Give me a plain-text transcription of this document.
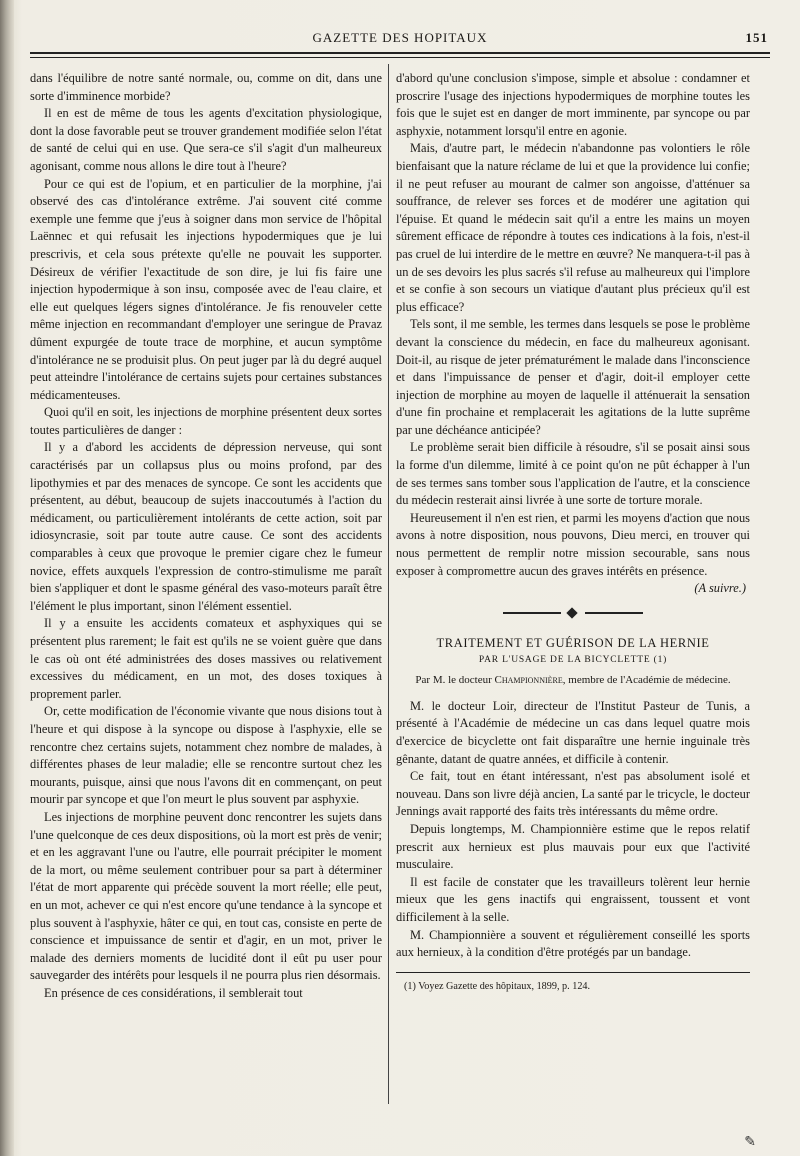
GAZETTE DES HOPITAUX	151

dans l'équilibre de notre santé normale, ou, comme on dit, dans une sorte d'imminence morbide?

Il en est de même de tous les agents d'excitation physiologique, dont la dose favorable peut se trouver grandement modifiée selon l'état de santé de celui qui en use. Que sera-ce s'il s'agit d'un malheureux agonisant, comme nous allons le dire tout à l'heure?

Pour ce qui est de l'opium, et en particulier de la morphine, j'ai observé des cas d'intolérance extrême. J'ai souvent cité comme exemple une femme que j'eus à soigner dans mon service de l'hôpital Laënnec et qui refusait les injections hypodermiques que je lui prescrivis, et cela sous prétexte qu'elle ne pouvait les supporter. Désireux de vérifier l'exactitude de son dire, je lui fis faire une injection hypodermique à son insu, composée avec de l'eau claire, et elle eut quelques légers signes d'intolérance. Je fis renouveler cette même injection en recommandant d'employer une seringue de Pravaz dûment expurgée de toute trace de morphine, et aucun symptôme d'intolérance ne se produisit plus. On peut juger par là du degré auquel peut atteindre l'intolérance de certains sujets pour certaines substances médicamenteuses.

Quoi qu'il en soit, les injections de morphine présentent deux sortes toutes particulières de danger :

Il y a d'abord les accidents de dépression nerveuse, qui sont caractérisés par un collapsus plus ou moins profond, par des lipothymies et par des menaces de syncope. Ce sont les accidents que présentent, au début, beaucoup de sujets inaccoutumés à l'action du médicament, ou particulièrement intolérants de cette action, soit par idiosyncrasie, soit par toute autre cause. Ce sont des accidents comparables à ceux que provoque le premier cigare chez le fumeur novice, effets auxquels l'expression de contro-stimulisme me paraît bien s'appliquer et dont le spasme général des vaso-moteurs paraît être l'élément le plus important, sinon l'élément essentiel.

Il y a ensuite les accidents comateux et asphyxiques qui se présentent plus rarement; le fait est qu'ils ne se voient guère que dans le cas où ont été administrées des doses massives ou relativement excessives du médicament, en un mot, des doses toxiques à proprement parler.

Or, cette modification de l'économie vivante que nous disions tout à l'heure et qui dispose à la syncope ou dispose à l'asphyxie, elle se rencontre chez certains sujets, notamment chez nombre de malades, à différentes phases de leur maladie; elle se rencontre surtout chez les mourants, puisque, ainsi que nous l'avons dit en commençant, on peut mourir par syncope et que l'on meurt le plus souvent par asphyxie.

Les injections de morphine peuvent donc rencontrer les sujets dans l'une quelconque de ces deux dispositions, où la mort est près de venir; et en les aggravant l'une ou l'autre, elle pourrait précipiter le moment de la mort, ou même seulement contribuer pour sa part à déterminer l'état de mort apparente qui précède souvent la mort réelle; elle peut, en un mot, achever ce qui n'est encore qu'une tendance à la syncope et plus souvent à l'asphyxie, hâter ce qui, en tout cas, consiste en perte de conscience et impuissance de sentir et d'agir, en un mot, priver le malade des derniers moments de lucidité dont il eût pu user pour sauvegarder des intérêts pour lesquels il ne pourra plus rien désormais.

En présence de ces considérations, il semblerait tout

d'abord qu'une conclusion s'impose, simple et absolue : condamner et proscrire l'usage des injections hypodermiques de morphine toutes les fois que le sujet est en danger de mort imminente, par syncope ou par asphyxie, notamment lorsqu'il entre en agonie.

Mais, d'autre part, le médecin n'abandonne pas volontiers le rôle bienfaisant que la nature réclame de lui et que la providence lui confie; il ne peut refuser au mourant de calmer son angoisse, d'atténuer sa souffrance, de relever ses forces et de modérer une agitation qui l'épuise. Et quand le médecin sait qu'il a entre les mains un moyen sûrement efficace de répondre à toutes ces indications à la fois, n'est-il pas cruel de lui interdire de le mettre en œuvre? Ne manquera-t-il pas à un de ses devoirs les plus sacrés s'il refuse au malheureux qui l'implore et se confie à son secours un viatique d'autant plus précieux qu'il est plus efficace?

Tels sont, il me semble, les termes dans lesquels se pose le problème devant la conscience du médecin, en face du malheureux agonisant. Doit-il, au risque de jeter prématurément le malade dans l'inconscience et dans l'impuissance de penser et d'agir, doit-il employer cette injection de morphine au moyen de laquelle il atténuerait la sensation d'une fin prochaine et remplacerait les agitations de la lutte suprême par une déchéance anticipée?

Le problème serait bien difficile à résoudre, s'il se posait ainsi sous la forme d'un dilemme, limité à ce point qu'on ne pût échapper à l'un de ses termes sans tomber sous l'application de l'autre, et la conscience du médecin resterait ainsi livrée à une sorte de torture morale.

Heureusement il n'en est rien, et parmi les moyens d'action que nous avons à notre disposition, nous pouvons, Dieu merci, en trouver qui nous permettent de remplir notre mission secourable, sans nous exposer à compromettre aucun des graves intérêts en présence.

(A suivre.)

TRAITEMENT ET GUÉRISON DE LA HERNIE
PAR L'USAGE DE LA BICYCLETTE (1)
Par M. le docteur Championnière, membre de l'Académie de médecine.

M. le docteur Loir, directeur de l'Institut Pasteur de Tunis, a présenté à l'Académie de médecine un cas dans lequel quatre mois d'exercice de bicyclette ont fait disparaître une hernie inguinale très gênante, datant de quatre années, et difficile à contenir.

Ce fait, tout en étant intéressant, n'est pas absolument isolé et nouveau. Dans son livre déjà ancien, La santé par le tricycle, le docteur Jennings avait rapporté des faits très intéressants du même ordre.

Depuis longtemps, M. Championnière estime que le repos relatif prescrit aux hernieux est plus mauvais pour eux que l'activité musculaire.

Il est facile de constater que les travailleurs tolèrent leur hernie mieux que les gens inactifs qui engraissent, toussent et vont difficilement à la selle.

M. Championnière a souvent et régulièrement conseillé les sports aux hernieux, à la condition d'être protégés par un bandage.

(1) Voyez Gazette des hôpitaux, 1899, p. 124.
✎
